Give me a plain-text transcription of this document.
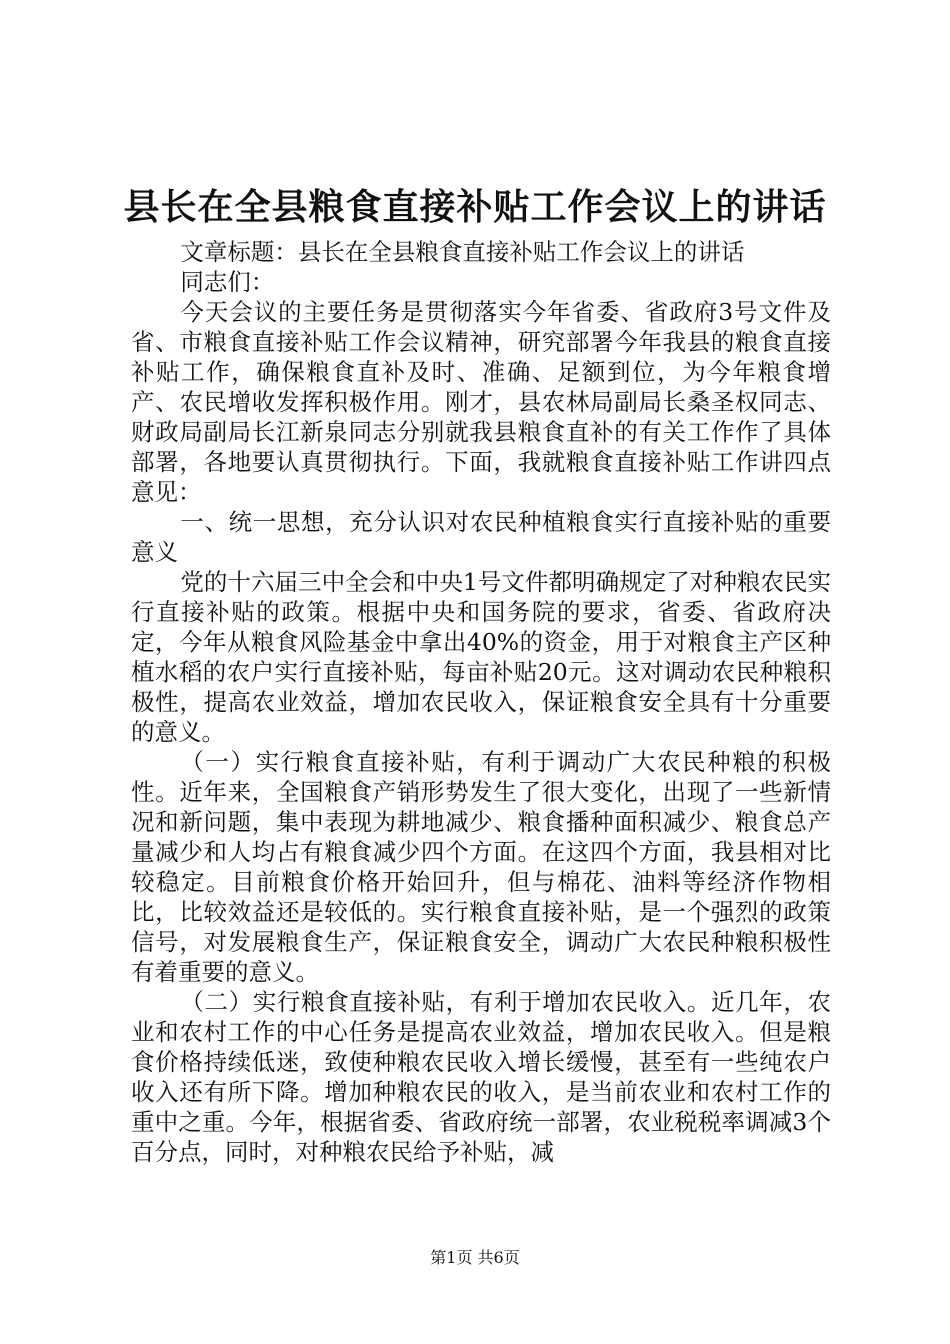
县长在全县粮食直接补贴工作会议上的讲话

文章标题：县长在全县粮食直接补贴工作会议上的讲话

同志们：

今天会议的主要任务是贯彻落实今年省委、省政府3号文件及省、市粮食直接补贴工作会议精神，研究部署今年我县的粮食直接补贴工作，确保粮食直补及时、准确、足额到位，为今年粮食增产、农民增收发挥积极作用。刚才，县农林局副局长桑圣权同志、财政局副局长江新泉同志分别就我县粮食直补的有关工作作了具体部署，各地要认真贯彻执行。下面，我就粮食直接补贴工作讲四点意见：

一、统一思想，充分认识对农民种植粮食实行直接补贴的重要意义

党的十六届三中全会和中央1号文件都明确规定了对种粮农民实行直接补贴的政策。根据中央和国务院的要求，省委、省政府决定，今年从粮食风险基金中拿出40%的资金，用于对粮食主产区种植水稻的农户实行直接补贴，每亩补贴20元。这对调动农民种粮积极性，提高农业效益，增加农民收入，保证粮食安全具有十分重要的意义。

（一）实行粮食直接补贴，有利于调动广大农民种粮的积极性。近年来，全国粮食产销形势发生了很大变化，出现了一些新情况和新问题，集中表现为耕地减少、粮食播种面积减少、粮食总产量减少和人均占有粮食减少四个方面。在这四个方面，我县相对比较稳定。目前粮食价格开始回升，但与棉花、油料等经济作物相比，比较效益还是较低的。实行粮食直接补贴，是一个强烈的政策信号，对发展粮食生产，保证粮食安全，调动广大农民种粮积极性有着重要的意义。

（二）实行粮食直接补贴，有利于增加农民收入。近几年，农业和农村工作的中心任务是提高农业效益，增加农民收入。但是粮食价格持续低迷，致使种粮农民收入增长缓慢，甚至有一些纯农户收入还有所下降。增加种粮农民的收入，是当前农业和农村工作的重中之重。今年，根据省委、省政府统一部署，农业税税率调减3个百分点，同时，对种粮农民给予补贴，减

第1页 共6页
